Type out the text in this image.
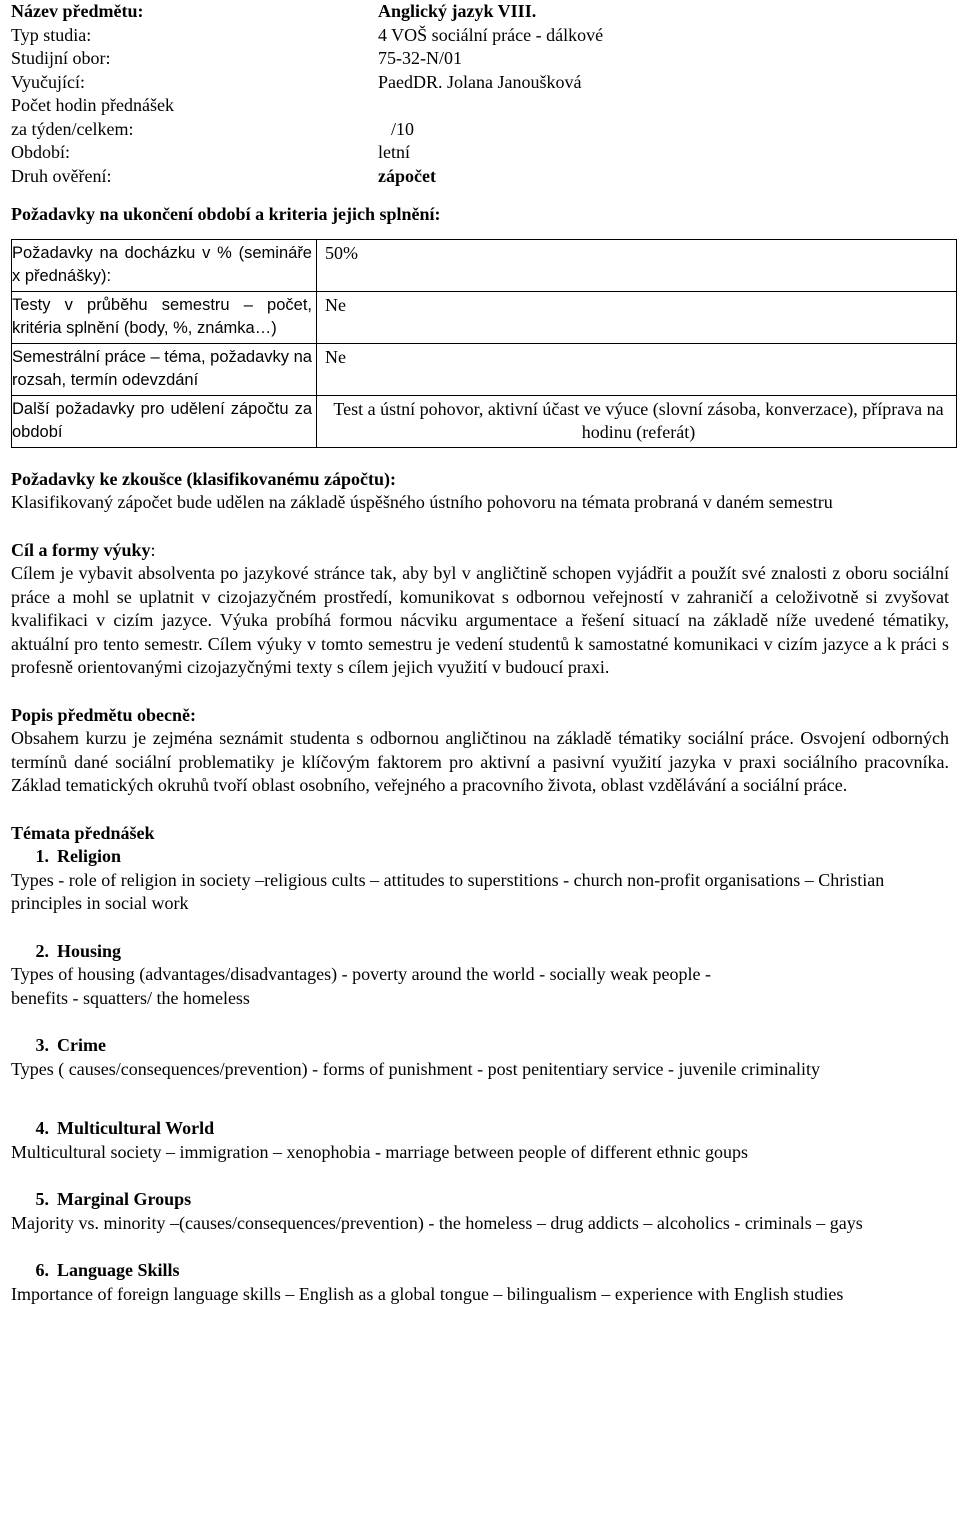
Název předmětu:	Anglický jazyk VIII.
Typ studia:	4 VOŠ sociální práce - dálkové
Studijní obor:	75-32-N/01
Vyučující:	PaedDR. Jolana Janoušková
Počet hodin přednášek
za týden/celkem:	/10
Období:	letní
Druh ověření:	zápočet
Požadavky na ukončení období a kriteria jejich splnění:
Požadavky na docházku v % (semináře x přednášky):	50%
Testy v průběhu semestru – počet, kritéria splnění (body, %, známka…)	Ne
Semestrální práce – téma, požadavky na rozsah, termín odevzdání	Ne
Další požadavky pro udělení zápočtu za období	Test a ústní pohovor, aktivní účast ve výuce (slovní zásoba, konverzace), příprava na hodinu (referát)
Požadavky ke zkoušce (klasifikovanému zápočtu):

Klasifikovaný zápočet bude udělen na základě úspěšného ústního pohovoru na témata probraná v daném semestru

Cíl a formy výuky:

Cílem je vybavit absolventa po jazykové stránce tak, aby byl v angličtině schopen vyjádřit a použít své znalosti z oboru sociální práce a mohl se uplatnit v cizojazyčném prostředí, komunikovat s odbornou veřejností v zahraničí a celoživotně si zvyšovat kvalifikaci v cizím jazyce. Výuka probíhá formou nácviku argumentace a řešení situací na základě níže uvedené tématiky, aktuální pro tento semestr. Cílem výuky v tomto semestru je vedení studentů k samostatné komunikaci v cizím jazyce a k práci s profesně orientovanými cizojazyčnými texty s cílem jejich využití v budoucí praxi.

Popis předmětu obecně:

Obsahem kurzu je zejména seznámit studenta s odbornou angličtinou na základě tématiky sociální práce. Osvojení odborných termínů dané sociální problematiky je klíčovým faktorem pro aktivní a pasivní využití jazyka v praxi sociálního pracovníka. Základ tematických okruhů tvoří oblast osobního, veřejného a pracovního života, oblast vzdělávání a sociální práce.

Témata přednášek
1. Religion

Types - role of religion in society –religious cults – attitudes to superstitions - church non-profit organisations – Christian principles in social work

2. Housing

Types of housing (advantages/disadvantages) - poverty around the world - socially weak people - benefits - squatters/ the homeless

3. Crime

Types ( causes/consequences/prevention) - forms of punishment - post penitentiary service - juvenile criminality

4. Multicultural World

Multicultural society – immigration – xenophobia - marriage between people of different ethnic goups

5. Marginal Groups

Majority vs. minority –(causes/consequences/prevention) - the homeless – drug addicts – alcoholics - criminals – gays

6. Language Skills

Importance of foreign language skills – English as a global tongue – bilingualism – experience with English studies
